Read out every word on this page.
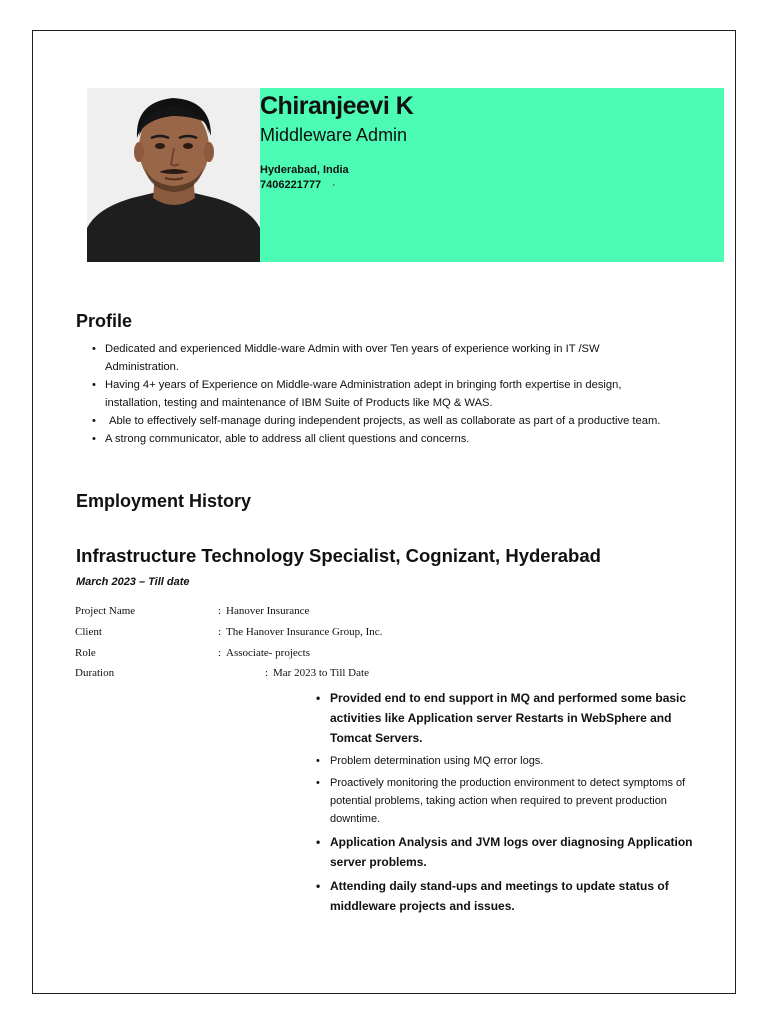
Chiranjeevi K
Middleware Admin
Hyderabad, India
7406221777 ·
Profile
• Dedicated and experienced Middle-ware Admin with over Ten years of experience working in IT /SW Administration.
• Having 4+ years of Experience on Middle-ware Administration adept in bringing forth expertise in design, installation, testing and maintenance of IBM Suite of Products like MQ & WAS.
• Able to effectively self-manage during independent projects, as well as collaborate as part of a productive team.
• A strong communicator, able to address all client questions and concerns.
Employment History
Infrastructure Technology Specialist, Cognizant, Hyderabad
March 2023 – Till date
Project Name	: Hanover Insurance
Client	: The Hanover Insurance Group, Inc.
Role	: Associate- projects
Duration	: Mar 2023 to Till Date
• Provided end to end support in MQ and performed some basic activities like Application server Restarts in WebSphere and Tomcat Servers.
• Problem determination using MQ error logs.
• Proactively monitoring the production environment to detect symptoms of potential problems, taking action when required to prevent production downtime.
• Application Analysis and JVM logs over diagnosing Application server problems.
• Attending daily stand-ups and meetings to update status of middleware projects and issues.
